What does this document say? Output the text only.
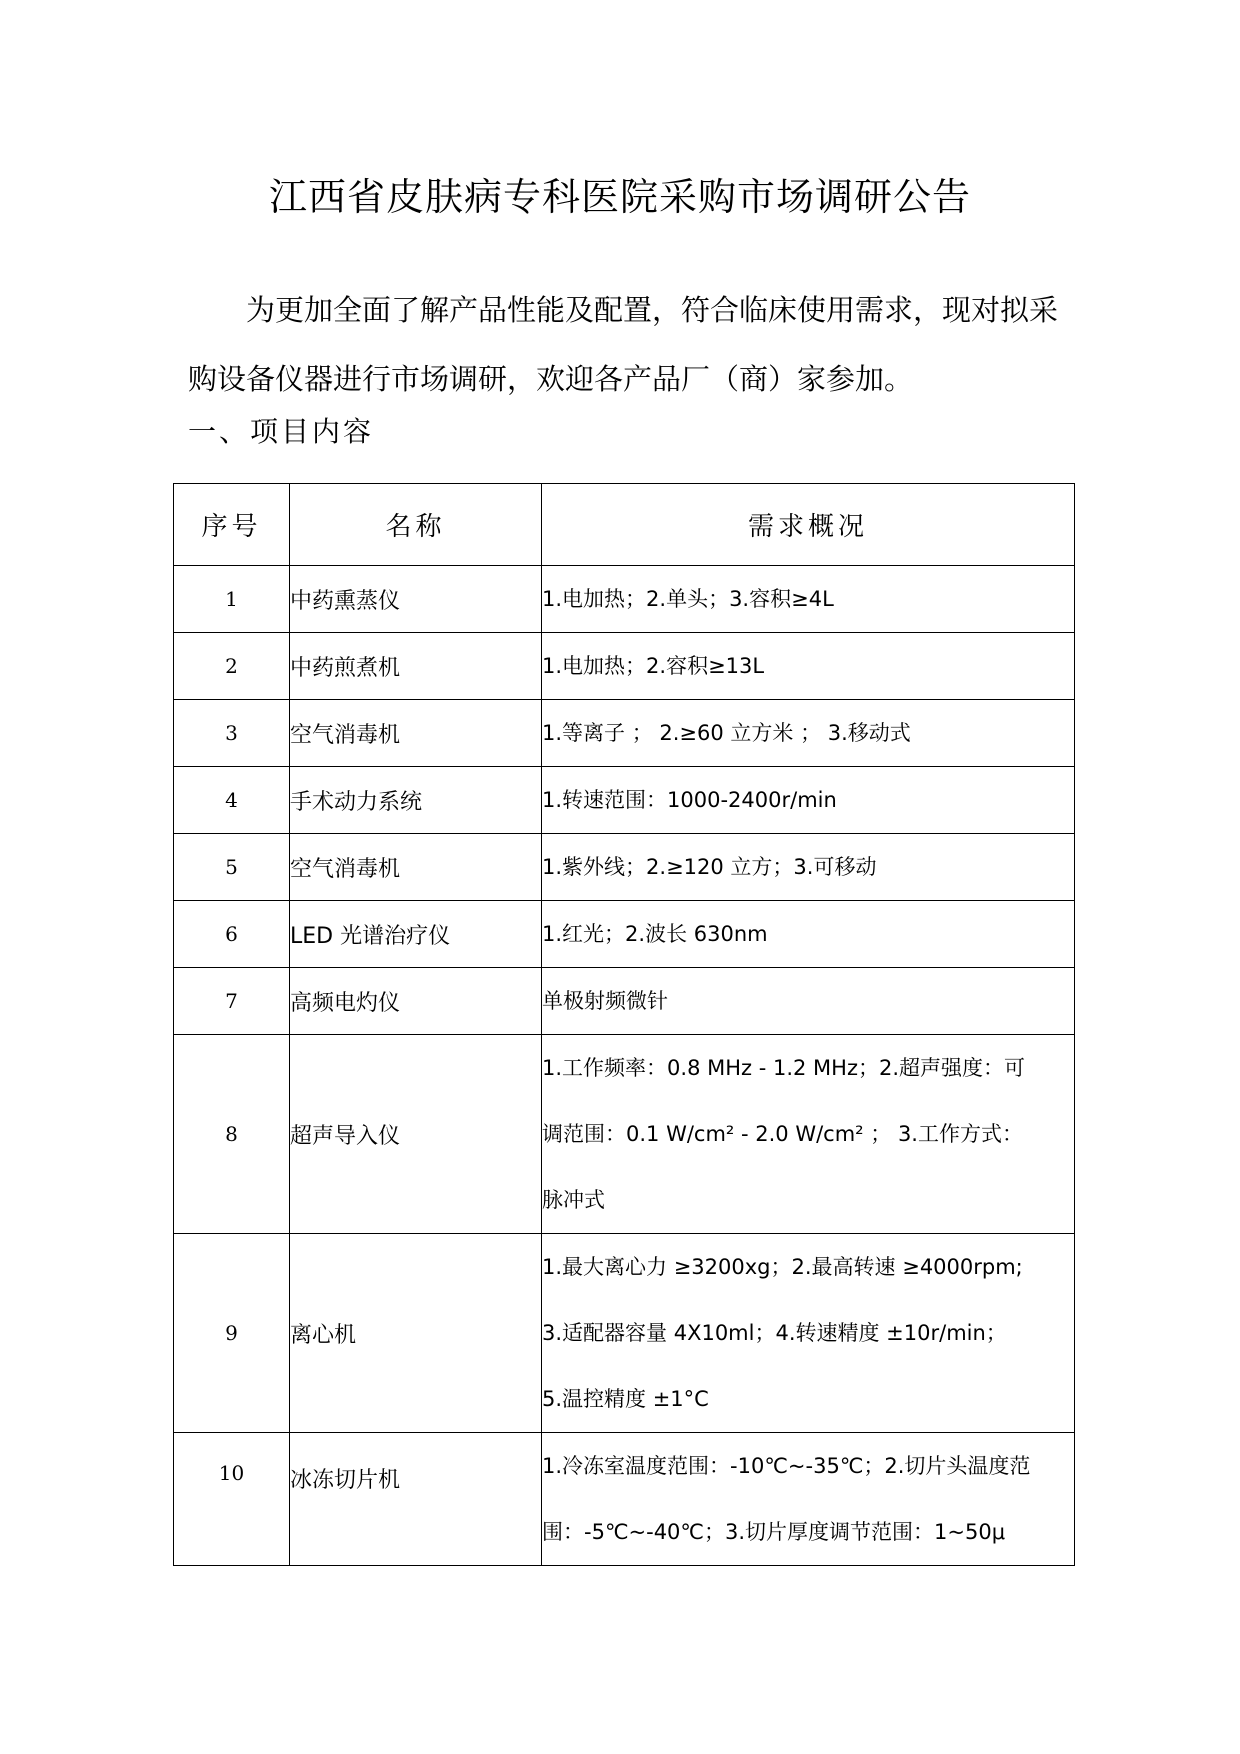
江西省皮肤病专科医院采购市场调研公告
为更加全面了解产品性能及配置，符合临床使用需求，现对拟采
购设备仪器进行市场调研，欢迎各产品厂（商）家参加。
一、项目内容
序号	名称	需求概况
1	中药熏蒸仪	1.电加热；2.单头；3.容积≥4L

2	中药煎煮机	1.电加热；2.容积≥13L

3	空气消毒机	1.等离子 ； 2.≥60 立方米 ； 3.移动式

4	手术动力系统	1.转速范围：1000-2400r/min

5	空气消毒机	1.紫外线；2.≥120 立方；3.可移动

6	LED 光谱治疗仪	1.红光；2.波长 630nm

7	高频电灼仪	单极射频微针

8	超声导入仪	1.工作频率：0.8 MHz - 1.2 MHz；2.超声强度：可
调范围：0.1 W/cm² - 2.0 W/cm² ； 3.工作方式：
脉冲式

9	离心机	1.最大离心力 ≥3200xg；2.最高转速 ≥4000rpm;
3.适配器容量 4X10ml；4.转速精度 ±10r/min；
5.温控精度 ±1°C

10	冰冻切片机	1.冷冻室温度范围：-10℃~-35℃；2.切片头温度范
围：-5℃~-40℃；3.切片厚度调节范围：1~50μ
